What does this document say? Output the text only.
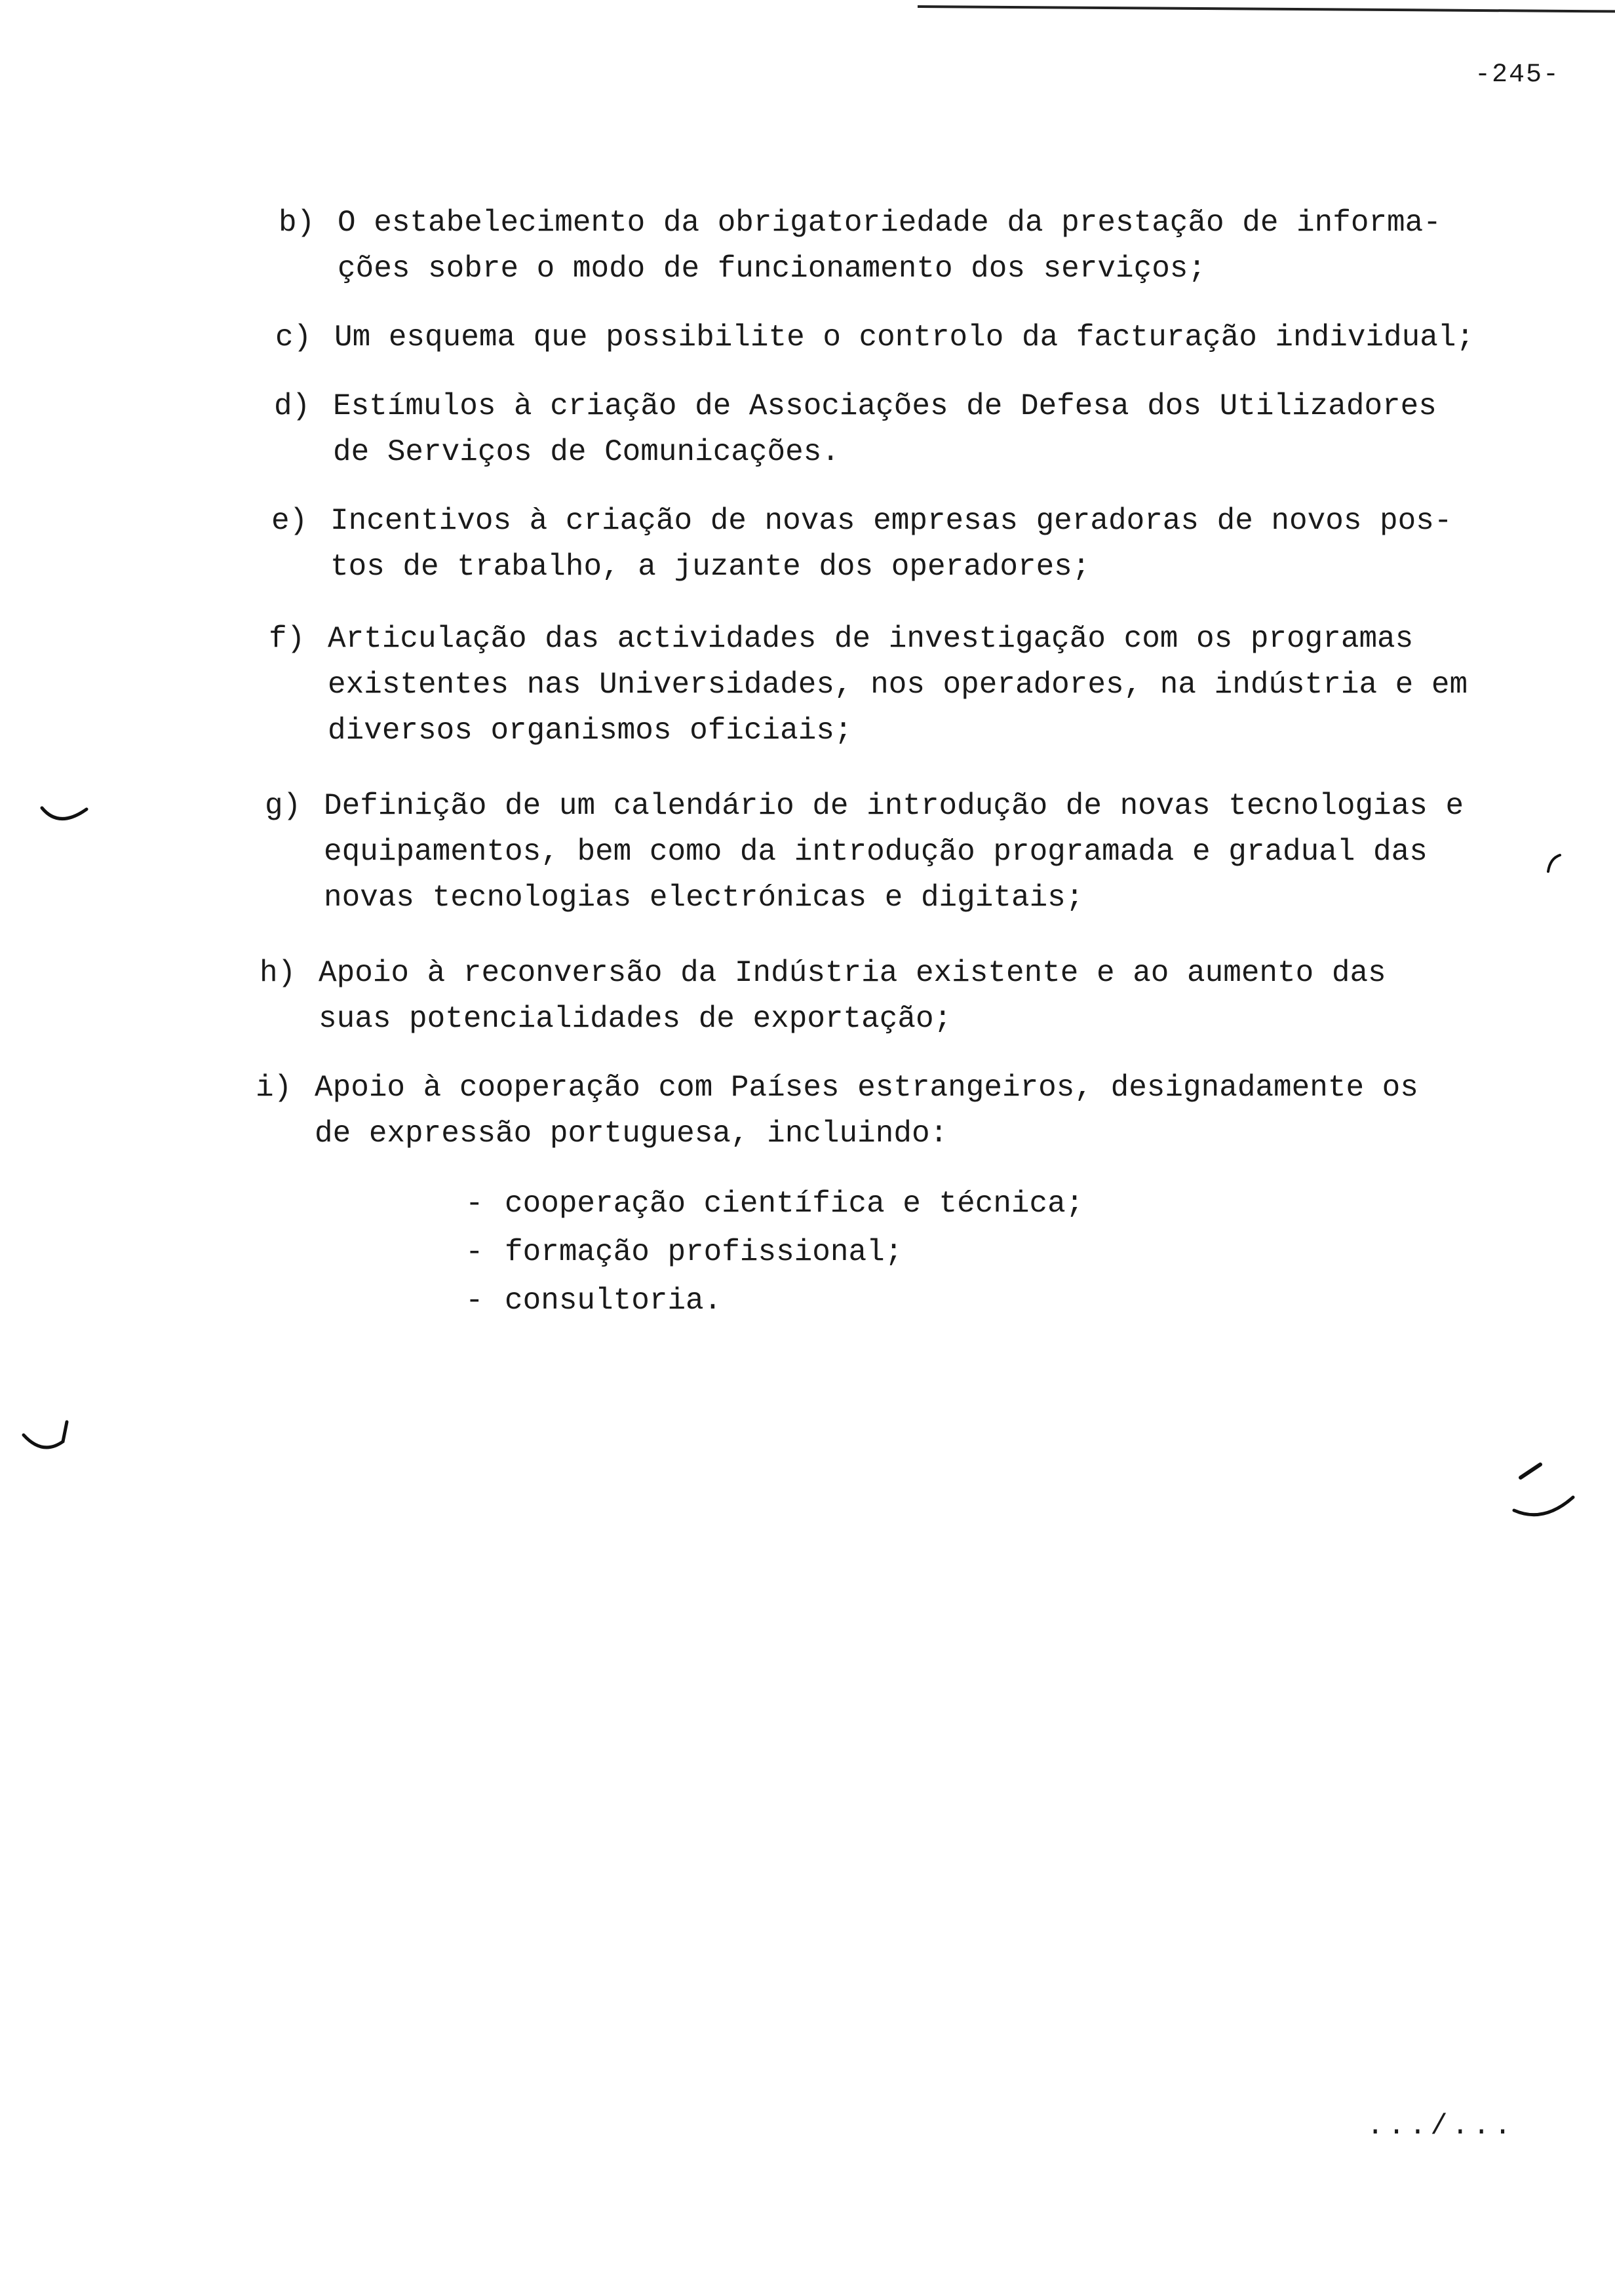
-245-
b) O estabelecimento da obrigatoriedade da prestação de informa-
ções sobre o modo de funcionamento dos serviços;
c) Um esquema que possibilite o controlo da facturação individual;
d) Estímulos à criação de Associações de Defesa dos Utilizadores
de Serviços de Comunicações.
e) Incentivos à criação de novas empresas geradoras de novos pos-
tos de trabalho, a juzante dos operadores;
f) Articulação das actividades de investigação com os programas
existentes nas Universidades, nos operadores, na indústria e em
diversos organismos oficiais;
g) Definição de um calendário de introdução de novas tecnologias e
equipamentos, bem como da introdução programada e gradual das
novas tecnologias electrónicas e digitais;
h) Apoio à reconversão da Indústria existente e ao aumento das
suas potencialidades de exportação;
i) Apoio à cooperação com Países estrangeiros, designadamente os
de expressão portuguesa, incluindo:
- cooperação científica e técnica;
- formação profissional;
- consultoria.
.../...
